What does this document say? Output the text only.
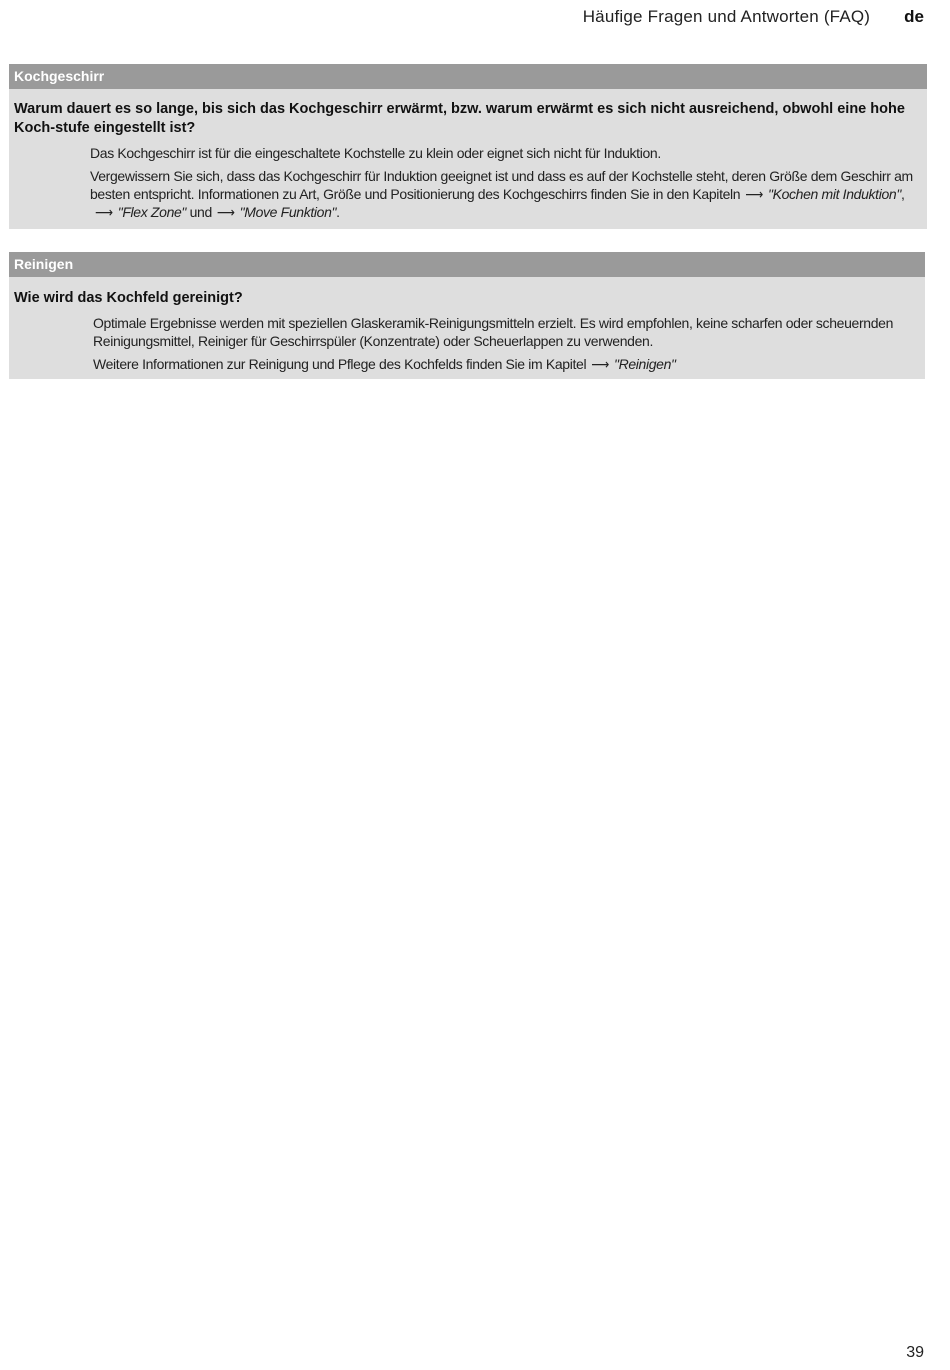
Häufige Fragen und Antworten (FAQ) de
Kochgeschirr
Warum dauert es so lange, bis sich das Kochgeschirr erwärmt, bzw. warum erwärmt es sich nicht ausreichend, obwohl eine hohe Koch-stufe eingestellt ist?

Das Kochgeschirr ist für die eingeschaltete Kochstelle zu klein oder eignet sich nicht für Induktion.

Vergewissern Sie sich, dass das Kochgeschirr für Induktion geeignet ist und dass es auf der Kochstelle steht, deren Größe dem Geschirr am besten entspricht. Informationen zu Art, Größe und Positionierung des Kochgeschirrs finden Sie in den Kapiteln ⟶ "Kochen mit Induktion",⟶ "Flex Zone" und ⟶ "Move Funktion".

Reinigen
Wie wird das Kochfeld gereinigt?

Optimale Ergebnisse werden mit speziellen Glaskeramik-Reinigungsmitteln erzielt. Es wird empfohlen, keine scharfen oder scheuernden Reinigungsmittel, Reiniger für Geschirrspüler (Konzentrate) oder Scheuerlappen zu verwenden.

Weitere Informationen zur Reinigung und Pflege des Kochfelds finden Sie im Kapitel ⟶ "Reinigen"

39
